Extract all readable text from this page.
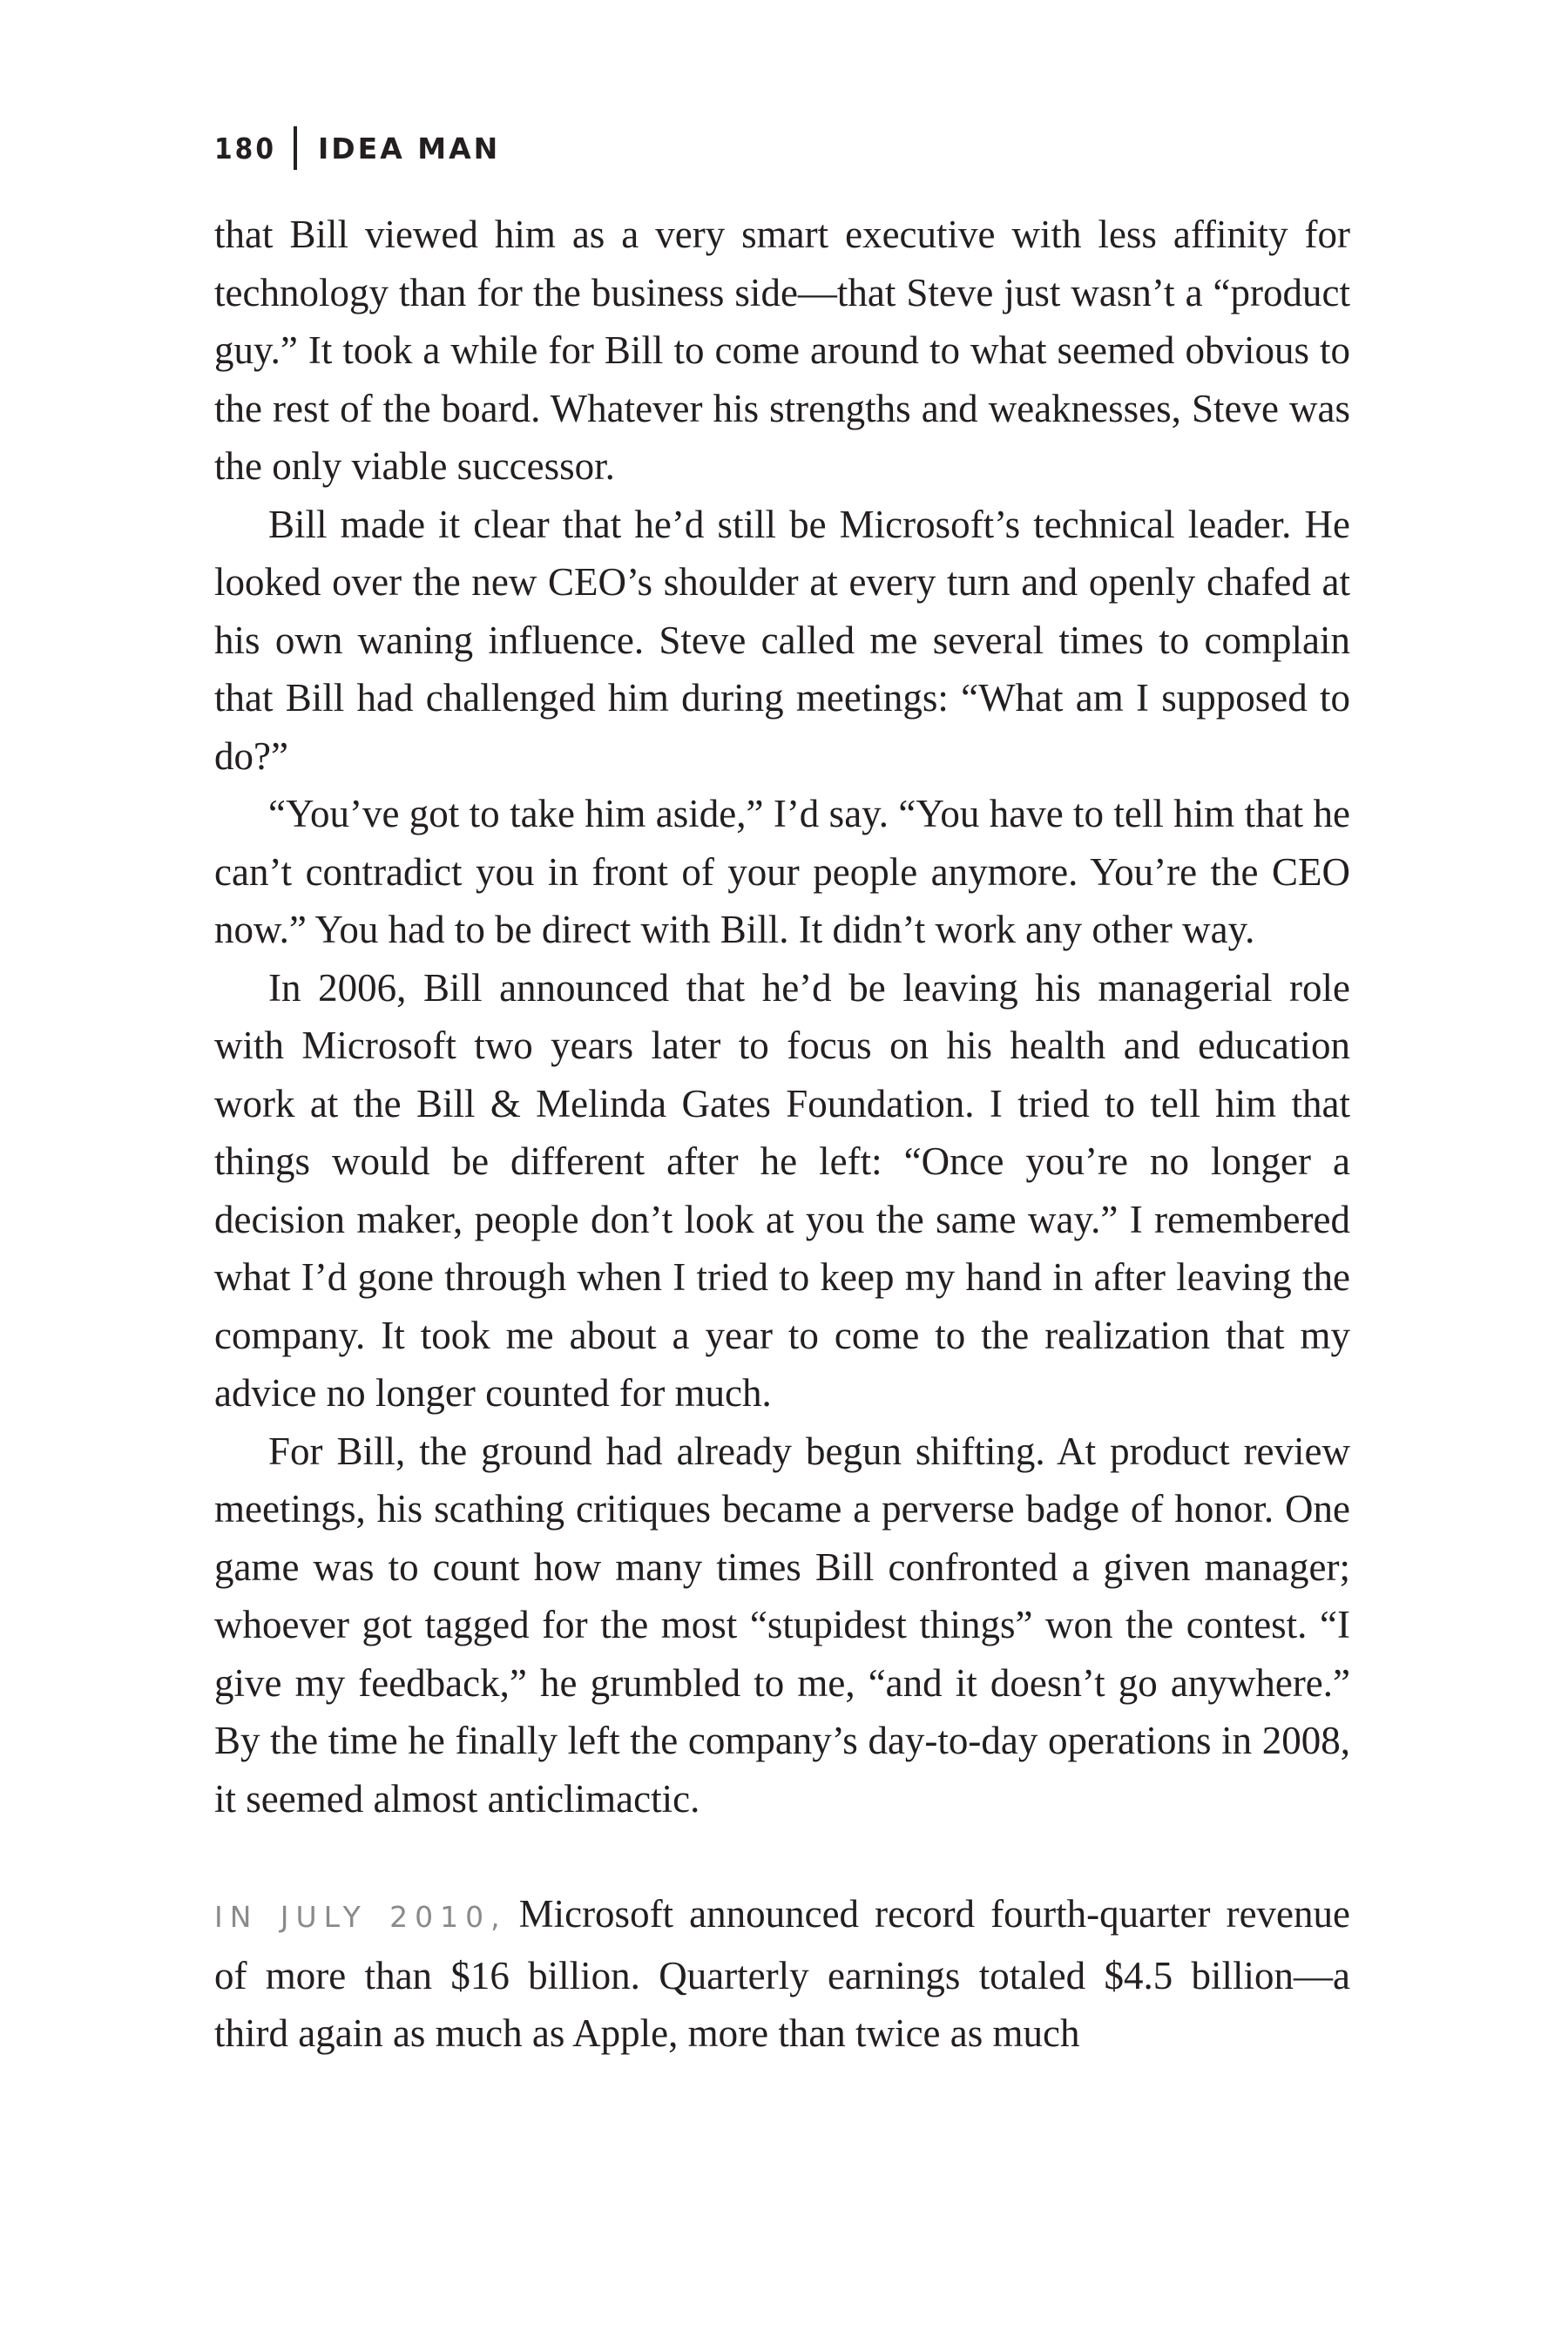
180 IDEA MAN

that Bill viewed him as a very smart executive with less affinity for technology than for the business side—that Steve just wasn’t a “product guy.” It took a while for Bill to come around to what seemed obvious to the rest of the board. Whatever his strengths and weaknesses, Steve was the only viable successor.

Bill made it clear that he’d still be Microsoft’s technical leader. He looked over the new CEO’s shoulder at every turn and openly chafed at his own waning influence. Steve called me several times to complain that Bill had challenged him during meetings: “What am I supposed to do?”

“You’ve got to take him aside,” I’d say. “You have to tell him that he can’t contradict you in front of your people anymore. You’re the CEO now.” You had to be direct with Bill. It didn’t work any other way.

In 2006, Bill announced that he’d be leaving his managerial role with Microsoft two years later to focus on his health and education work at the Bill & Melinda Gates Foundation. I tried to tell him that things would be different after he left: “Once you’re no longer a decision maker, people don’t look at you the same way.” I remembered what I’d gone through when I tried to keep my hand in after leaving the company. It took me about a year to come to the realization that my advice no longer counted for much.

For Bill, the ground had already begun shifting. At product review meetings, his scathing critiques became a perverse badge of honor. One game was to count how many times Bill confronted a given manager; whoever got tagged for the most “stupidest things” won the contest. “I give my feedback,” he grumbled to me, “and it doesn’t go anywhere.” By the time he finally left the company’s day-to-day operations in 2008, it seemed almost anticlimactic.

IN JULY 2010, Microsoft announced record fourth-quarter revenue of more than $16 billion. Quarterly earnings totaled $4.5 billion—a third again as much as Apple, more than twice as much
